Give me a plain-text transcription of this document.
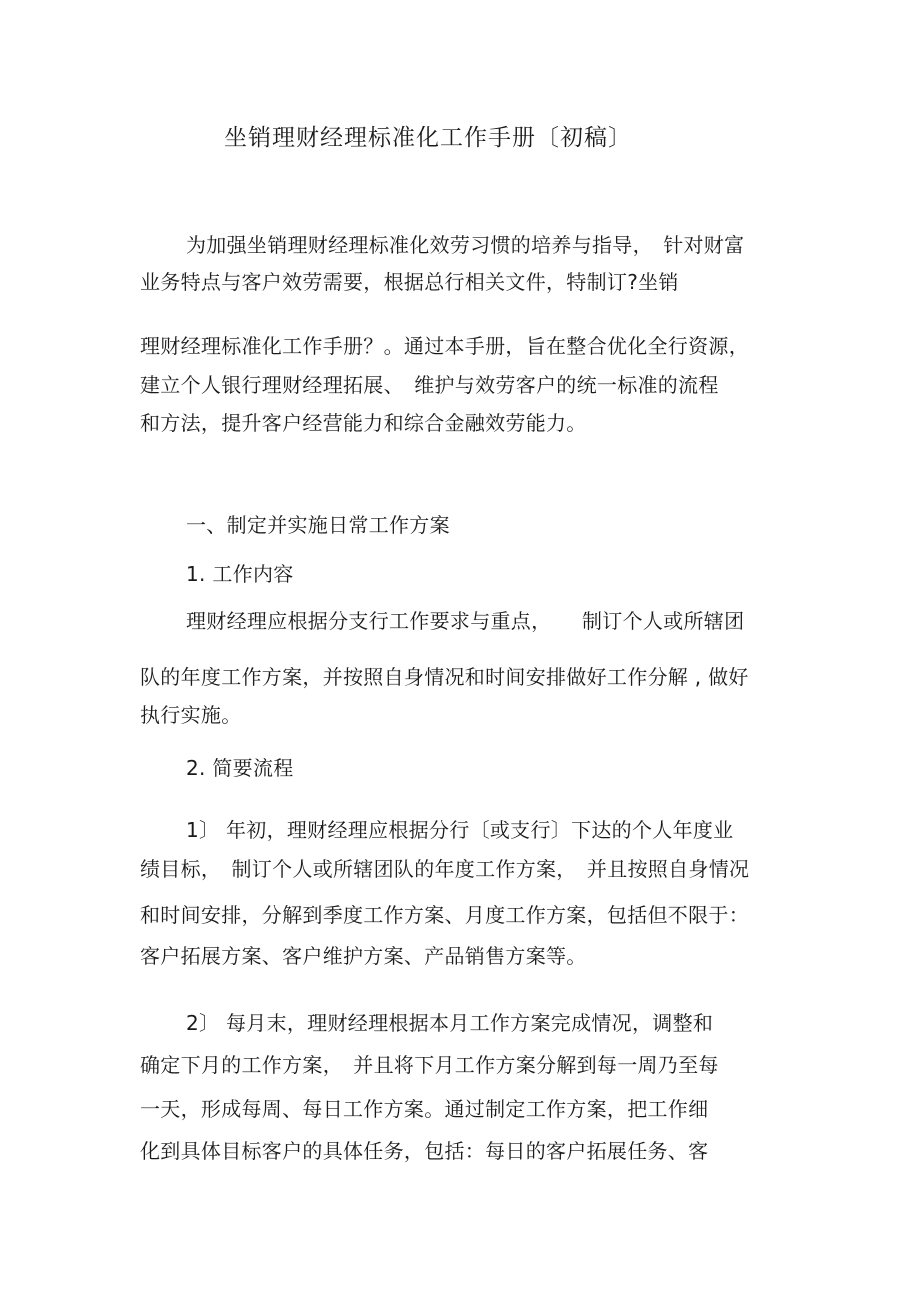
坐销理财经理标准化工作手册〔初稿〕
为加强坐销理财经理标准化效劳习惯的培养与指导，　针对财富
业务特点与客户效劳需要，根据总行相关文件，特制订?坐销
理财经理标准化工作手册？。通过本手册，旨在整合优化全行资源，
建立个人银行理财经理拓展、　维护与效劳客户的统一标准的流程
和方法，提升客户经营能力和综合金融效劳能力。
一、制定并实施日常工作方案
1. 工作内容
理财经理应根据分支行工作要求与重点，　　制订个人或所辖团
队的年度工作方案，并按照自身情况和时间安排做好工作分解 , 做好
执行实施。
2. 简要流程
1〕 年初，理财经理应根据分行〔或支行〕下达的个人年度业
绩目标，　制订个人或所辖团队的年度工作方案，　并且按照自身情况
和时间安排，分解到季度工作方案、月度工作方案，包括但不限于：
客户拓展方案、客户维护方案、产品销售方案等。
2〕 每月末，理财经理根据本月工作方案完成情况，调整和
确定下月的工作方案，　并且将下月工作方案分解到每一周乃至每
一天，形成每周、每日工作方案。通过制定工作方案，把工作细
化到具体目标客户的具体任务，包括：每日的客户拓展任务、客
